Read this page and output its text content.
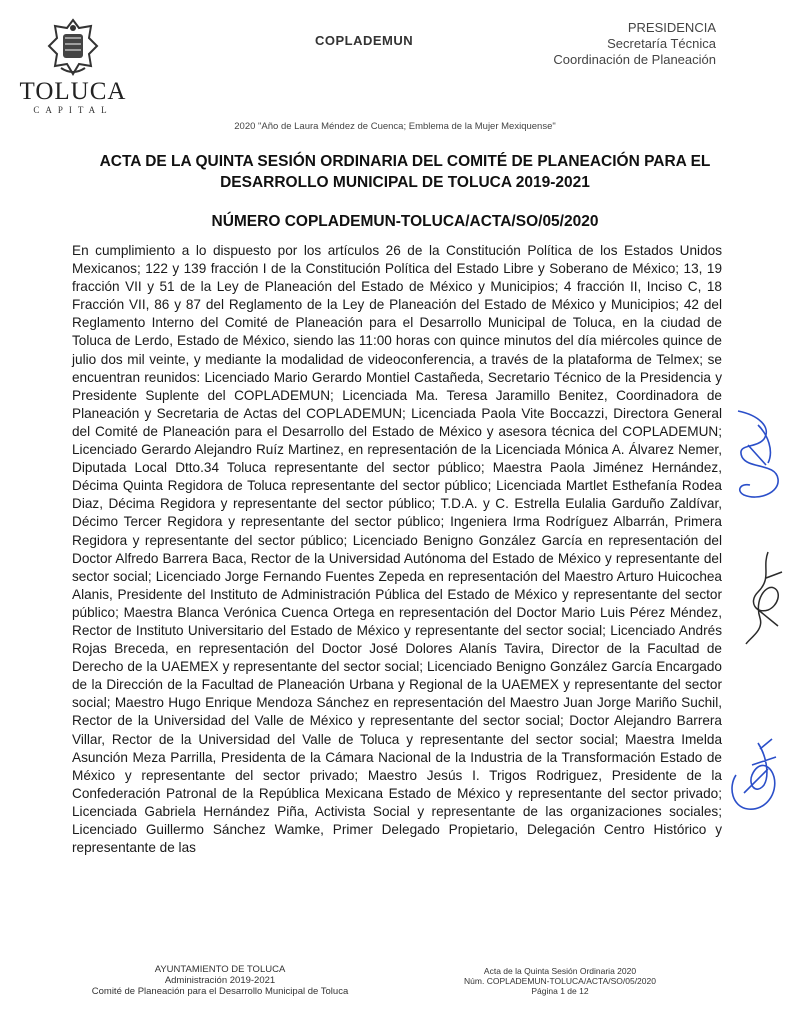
TOLUCA
CAPITAL
COPLADEMUN
PRESIDENCIA
Secretaría Técnica
Coordinación de Planeación
2020 "Año de Laura Méndez de Cuenca; Emblema de la Mujer Mexiquense"
ACTA DE LA QUINTA SESIÓN ORDINARIA DEL COMITÉ DE PLANEACIÓN PARA EL DESARROLLO MUNICIPAL DE TOLUCA 2019-2021
NÚMERO COPLADEMUN-TOLUCA/ACTA/SO/05/2020
En cumplimiento a lo dispuesto por los artículos 26 de la Constitución Política de los Estados Unidos Mexicanos; 122 y 139 fracción I de la Constitución Política del Estado Libre y Soberano de México; 13, 19 fracción VII y 51 de la Ley de Planeación del Estado de México y Municipios; 4 fracción II, Inciso C, 18 Fracción VII, 86 y 87 del Reglamento de la Ley de Planeación del Estado de México y Municipios; 42 del Reglamento Interno del Comité de Planeación para el Desarrollo Municipal de Toluca, en la ciudad de Toluca de Lerdo, Estado de México, siendo las 11:00 horas con quince minutos del día miércoles quince de julio dos mil veinte, y mediante la modalidad de videoconferencia, a través de la plataforma de Telmex; se encuentran reunidos: Licenciado Mario Gerardo Montiel Castañeda, Secretario Técnico de la Presidencia y Presidente Suplente del COPLADEMUN; Licenciada Ma. Teresa Jaramillo Benitez, Coordinadora de Planeación y Secretaria de Actas del COPLADEMUN; Licenciada Paola Vite Boccazzi, Directora General del Comité de Planeación para el Desarrollo del Estado de México y asesora técnica del COPLADEMUN; Licenciado Gerardo Alejandro Ruíz Martinez, en representación de la Licenciada Mónica A. Álvarez Nemer, Diputada Local Dtto.34 Toluca representante del sector público; Maestra Paola Jiménez Hernández, Décima Quinta Regidora de Toluca representante del sector público; Licenciada Martlet Esthefanía Rodea Diaz, Décima Regidora y representante del sector público; T.D.A. y C. Estrella Eulalia Garduño Zaldívar, Décimo Tercer Regidora y representante del sector público; Ingeniera Irma Rodríguez Albarrán, Primera Regidora y representante del sector público; Licenciado Benigno González García en representación del Doctor Alfredo Barrera Baca, Rector de la Universidad Autónoma del Estado de México y representante del sector social; Licenciado Jorge Fernando Fuentes Zepeda en representación del Maestro Arturo Huicochea Alanis, Presidente del Instituto de Administración Pública del Estado de México y representante del sector público; Maestra Blanca Verónica Cuenca Ortega en representación del Doctor Mario Luis Pérez Méndez, Rector de Instituto Universitario del Estado de México y representante del sector social; Licenciado Andrés Rojas Breceda, en representación del Doctor José Dolores Alanís Tavira, Director de la Facultad de Derecho de la UAEMEX y representante del sector social; Licenciado Benigno González García Encargado de la Dirección de la Facultad de Planeación Urbana y Regional de la UAEMEX y representante del sector social; Maestro Hugo Enrique Mendoza Sánchez en representación del Maestro Juan Jorge Mariño Suchil, Rector de la Universidad del Valle de México y representante del sector social; Doctor Alejandro Barrera Villar, Rector de la Universidad del Valle de Toluca y representante del sector social; Maestra Imelda Asunción Meza Parrilla, Presidenta de la Cámara Nacional de la Industria de la Transformación Estado de México y representante del sector privado; Maestro Jesús I. Trigos Rodriguez, Presidente de la Confederación Patronal de la República Mexicana Estado de México y representante del sector privado; Licenciada Gabriela Hernández Piña, Activista Social y representante de las organizaciones sociales; Licenciado Guillermo Sánchez Wamke, Primer Delegado Propietario, Delegación Centro Histórico y representante de las
AYUNTAMIENTO DE TOLUCA
Administración 2019-2021
Comité de Planeación para el Desarrollo Municipal de Toluca
Acta de la Quinta Sesión Ordinaria 2020
Núm. COPLADEMUN-TOLUCA/ACTA/SO/05/2020
Página 1 de 12
